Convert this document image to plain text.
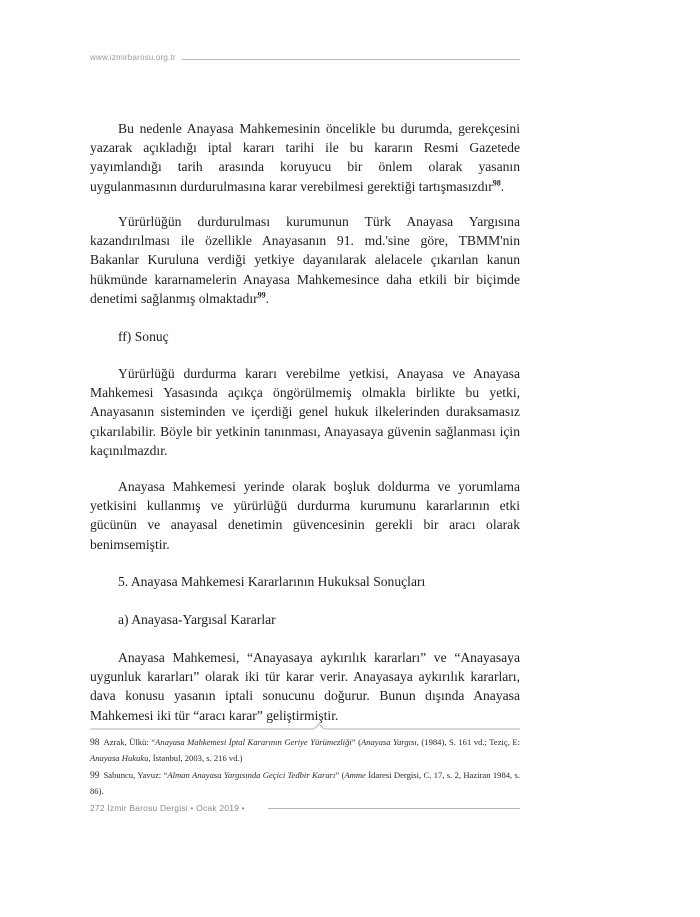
www.izmirbarosu.org.tr

Bu nedenle Anayasa Mahkemesinin öncelikle bu durumda, gerekçesini yazarak açıkladığı iptal kararı tarihi ile bu kararın Resmi Gazetede yayımlandığı tarih arasında koruyucu bir önlem olarak yasanın uygulanmasının durdurulmasına karar verebilmesi gerektiği tartışmasızdır$^{98}$.

Yürürlüğün durdurulması kurumunun Türk Anayasa Yargısına kazandırılması ile özellikle Anayasanın 91. md.'sine göre, TBMM'nin Bakanlar Kuruluna verdiği yetkiye dayanılarak alelacele çıkarılan kanun hükmünde kararnamelerin Anayasa Mahkemesince daha etkili bir biçimde denetimi sağlanmış olmaktadır$^{99}$.

ff) Sonuç

Yürürlüğü durdurma kararı verebilme yetkisi, Anayasa ve Anayasa Mahkemesi Yasasında açıkça öngörülmemiş olmakla birlikte bu yetki, Anayasanın sisteminden ve içerdiği genel hukuk ilkelerinden duraksamasız çıkarılabilir. Böyle bir yetkinin tanınması, Anayasaya güvenin sağlanması için kaçınılmazdır.

Anayasa Mahkemesi yerinde olarak boşluk doldurma ve yorumlama yetkisini kullanmış ve yürürlüğü durdurma kurumunu kararlarının etki gücünün ve anayasal denetimin güvencesinin gerekli bir aracı olarak benimsemiştir.

5. Anayasa Mahkemesi Kararlarının Hukuksal Sonuçları
a) Anayasa-Yargısal Kararlar

Anayasa Mahkemesi, “Anayasaya aykırılık kararları” ve “Anayasaya uygunluk kararları” olarak iki tür karar verir. Anayasaya aykırılık kararları, dava konusu yasanın iptali sonucunu doğurur. Bunun dışında Anayasa Mahkemesi iki tür “aracı karar” geliştirmiştir.

98 Azrak, Ülkü: “Anayasa Mahkemesi İptal Kararının Geriye Yürümezliği” (Anayasa Yargısı, (1984), S. 161 vd.; Teziç, E: Anayasa Hukuku, İstanbul, 2003, s. 216 vd.)
99 Sabuncu, Yavuz: “Alman Anayasa Yargısında Geçici Tedbir Kararı” (Amme İdaresi Dergisi, C. 17, s. 2, Haziran 1984, s. 86).
272 İzmir Barosu Dergisi • Ocak 2019 •
